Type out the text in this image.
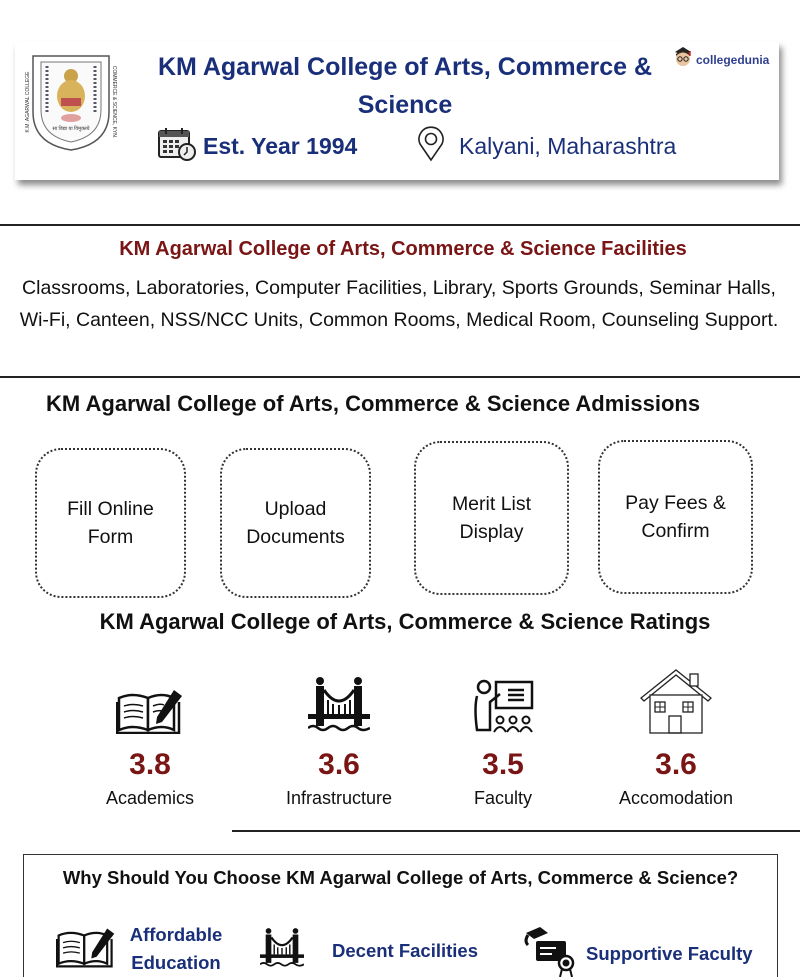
सा विद्या या विमुक्तये
K.M. AGARWAL COLLEGE	COMMERCE & SCIENCE, KYN.	KM Agarwal College of Arts, Commerce & Science
collegedunia
Est. Year 1994	Kalyani, Maharashtra
KM Agarwal College of Arts, Commerce & Science Facilities
Classrooms, Laboratories, Computer Facilities, Library, Sports Grounds, Seminar Halls, Wi-Fi, Canteen, NSS/NCC Units, Common Rooms, Medical Room, Counseling Support.
KM Agarwal College of Arts, Commerce & Science Admissions
Fill Online Form
Upload Documents
Merit List Display
Pay Fees & Confirm
KM Agarwal College of Arts, Commerce & Science Ratings
3.8
Academics
3.6
Infrastructure
3.5
Faculty
3.6
Accomodation
Why Should You Choose KM Agarwal College of Arts, Commerce & Science?
Affordable Education
Decent Facilities	Supportive Faculty
